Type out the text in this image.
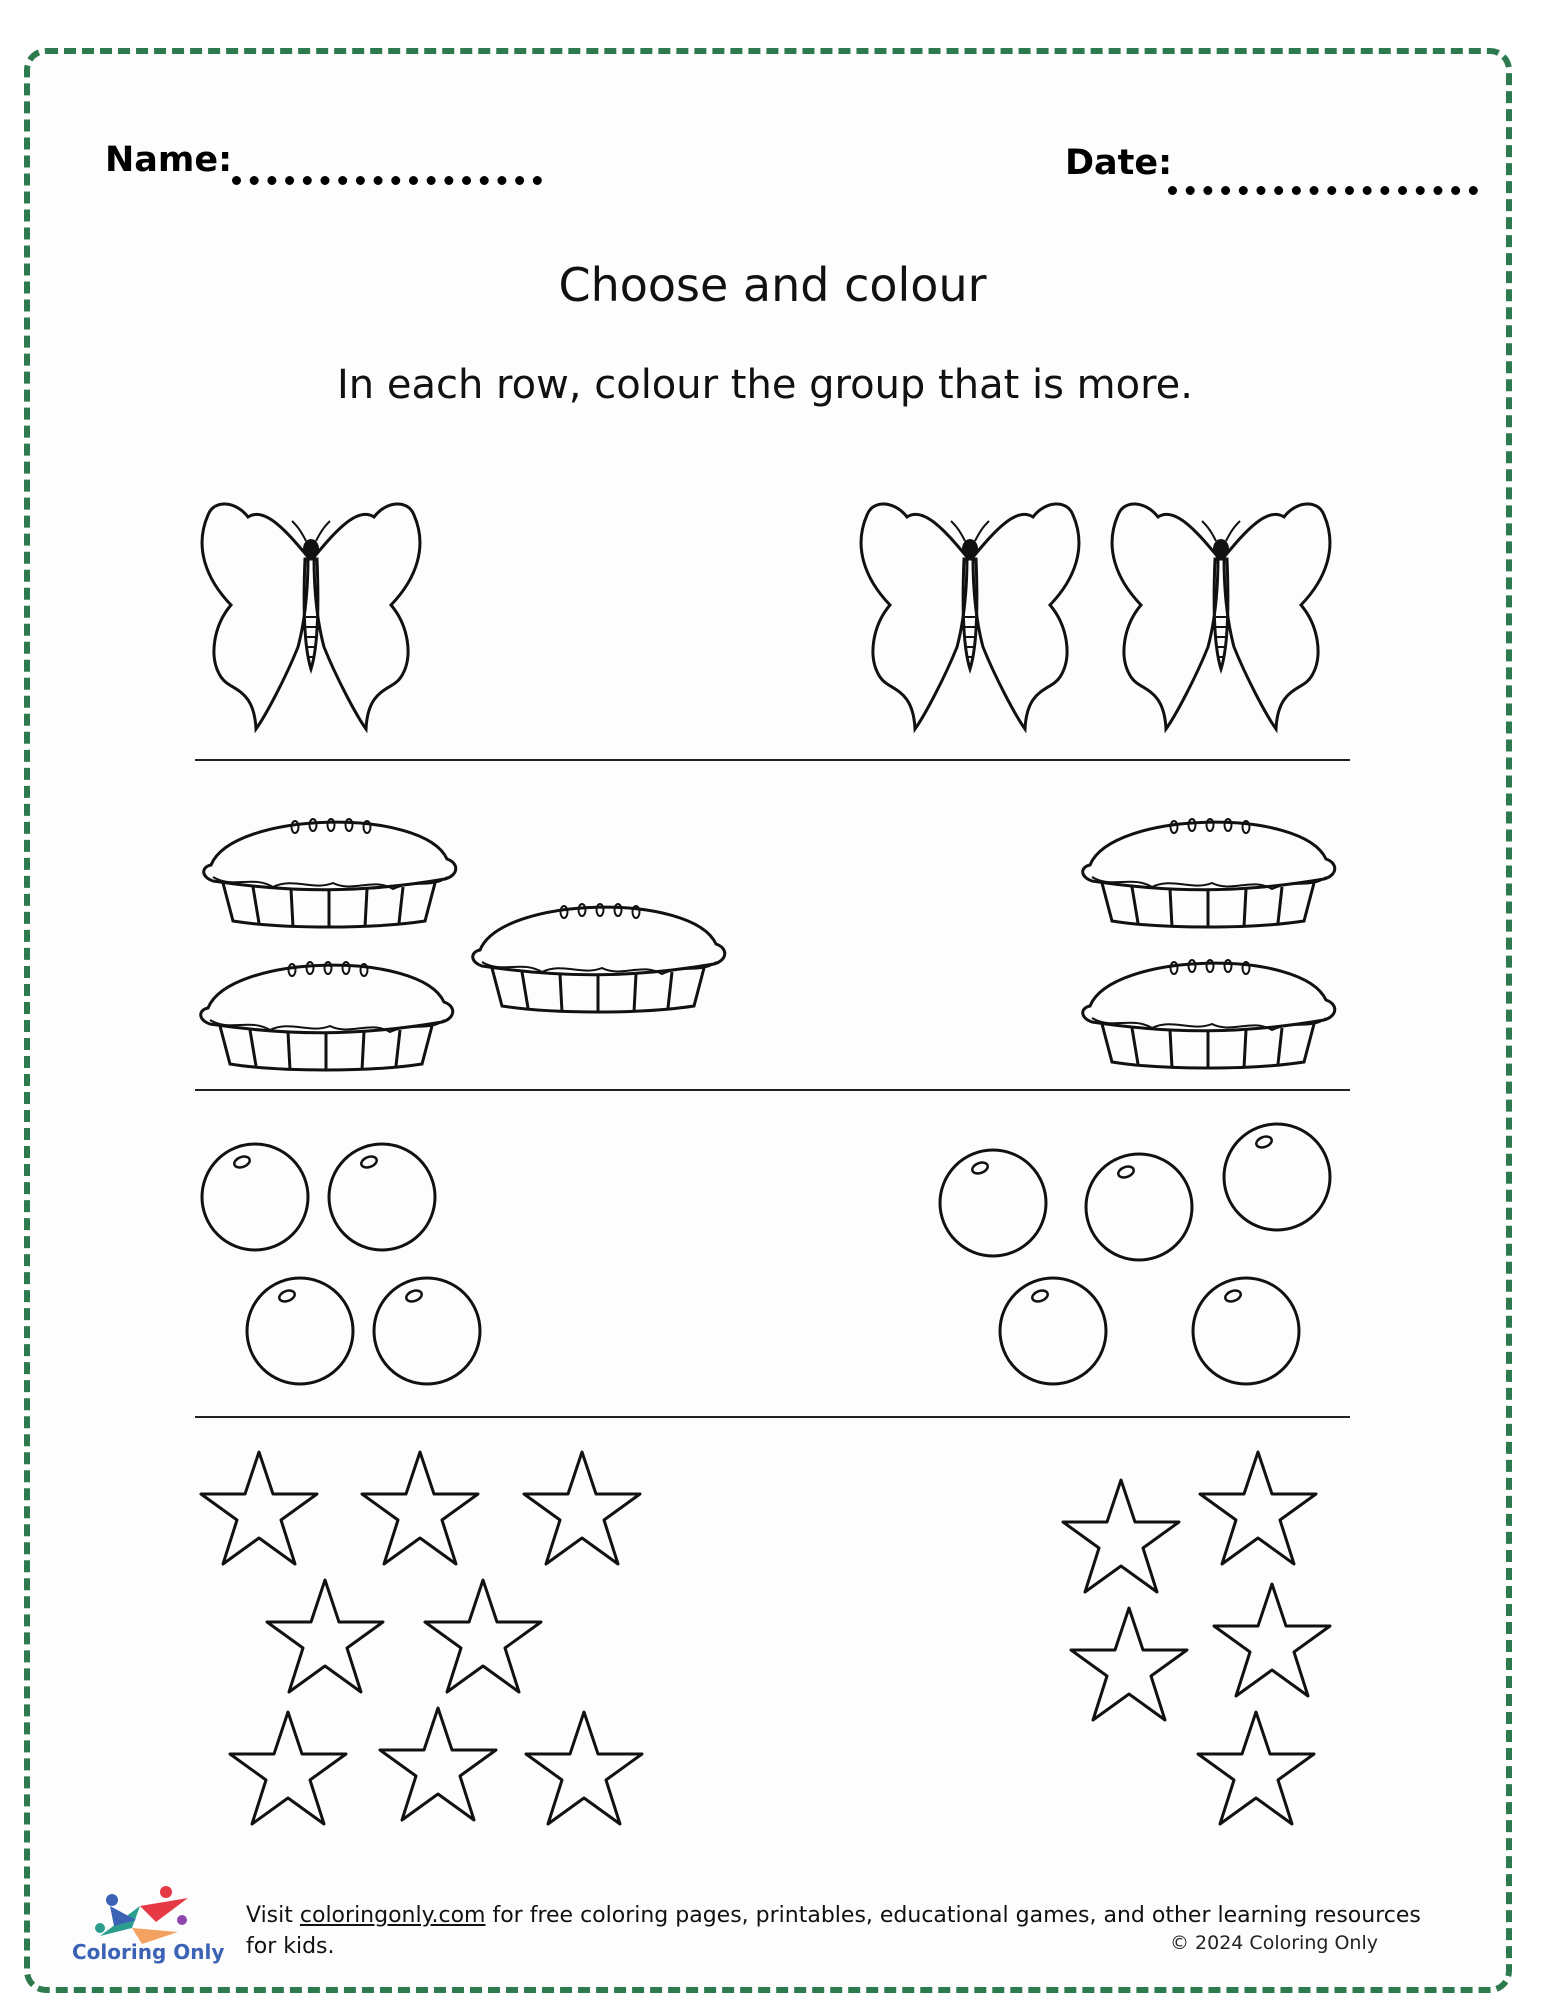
Name:	Date:
Choose and colour
In each row, colour the group that is more.
Coloring Only
Visit coloringonly.com for free coloring pages, printables, educational games, and other learning resources for kids.	© 2024 Coloring Only
